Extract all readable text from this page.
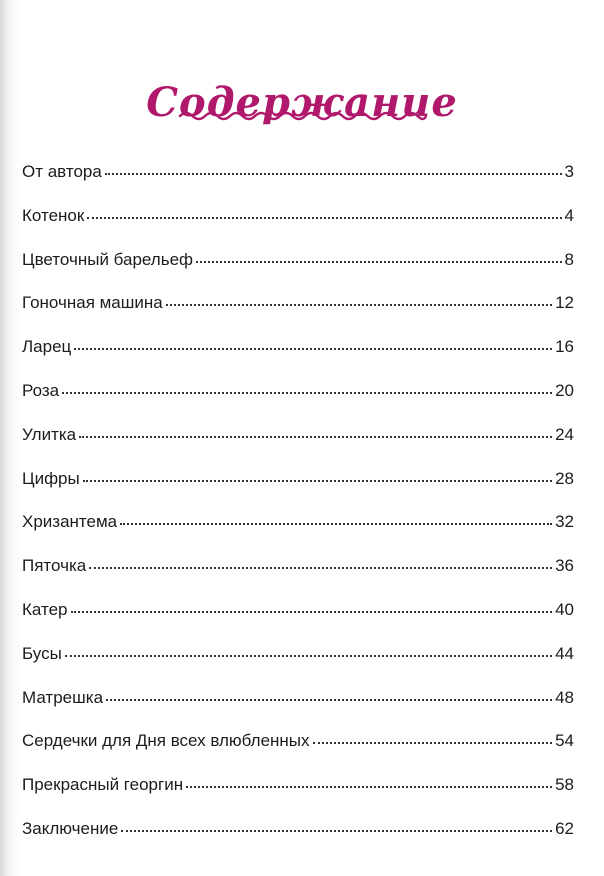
Содержание
От автора	3
Котенок	4
Цветочный барельеф	8
Гоночная машина	12
Ларец	16
Роза	20
Улитка	24
Цифры	28
Хризантема	32
Пяточка	36
Катер	40
Бусы	44
Матрешка	48
Сердечки для Дня всех влюбленных	54
Прекрасный георгин	58
Заключение	62
